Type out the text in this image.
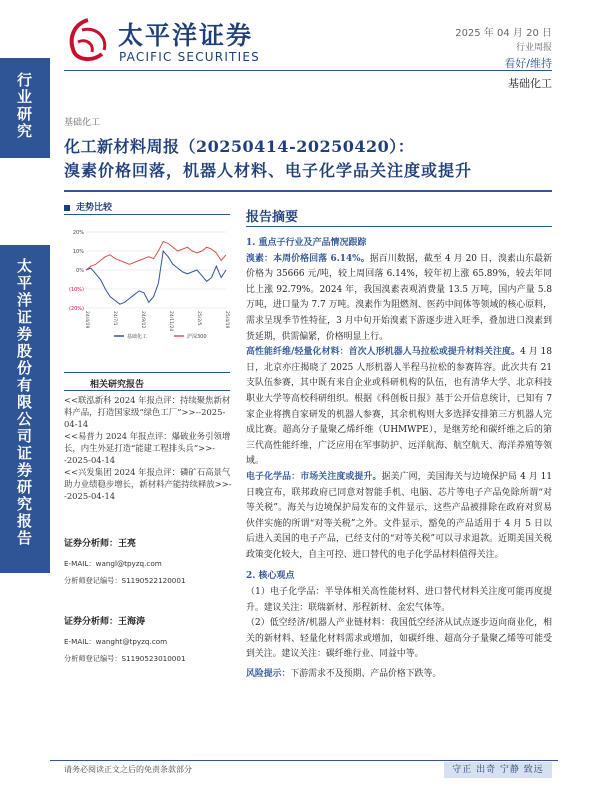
行业研究
太平洋证券股份有限公司证券研究报告
太平洋证券
PACIFIC SECURITIES
2025 年 04 月 20 日
行业周报
看好/维持
基础化工
基础化工
化工新材料周报（20250414-20250420）：
溴素价格回落，机器人材料、电子化学品关注度或提升
走势比较
20%
10%
0%
(10%)
(20%)
24/4/19	24/7/1	24/9/12	24/11/24	25/2/5	25/4/19
基础化工	沪深300
相关研究报告

<<联泓新科 2024 年报点评：持续聚焦新材料产品，打造国家级“绿色工厂”>>--2025-04-14

<<易普力 2024 年报点评：爆破业务引领增长，内生外延打造“能建工程排头兵”>>--2025-04-14

<<兴发集团 2024 年报点评：磷矿石高景气助力业绩稳步增长，新材料产能持续释放>>--2025-04-14

证券分析师：王亮
E-MAIL：wangl@tpyzq.com
分析师登记编号：S1190522120001
证券分析师：王海涛
E-MAIL：wanght@tpyzq.com
分析师登记编号：S1190523010001
报告摘要

1. 重点子行业及产品情况跟踪

溴素：本周价格回落 6.14%。据百川数据，截至 4 月 20 日，溴素山东最新价格为 35666 元/吨，较上周回落 6.14%，较年初上涨 65.89%，较去年同比上涨 92.79%。2024 年，我国溴素表观消费量 13.5 万吨，国内产量 5.8 万吨，进口量为 7.7 万吨。溴素作为阻燃剂、医药中间体等领域的核心原料，需求呈现季节性特征，3 月中旬开始溴素下游逐步进入旺季，叠加进口溴素到货延期，供需偏紧，价格明显上行。

高性能纤维/轻量化材料：首次人形机器人马拉松或提升材料关注度。4 月 18 日，北京亦庄揭晓了 2025 人形机器人半程马拉松的参赛阵容。此次共有 21 支队伍参赛，其中既有来自企业或科研机构的队伍，也有清华大学、北京科技职业大学等高校科研组织。根据《科创板日报》基于公开信息统计，已知有 7 家企业将携自家研发的机器人参赛，其余机构则大多选择安排第三方机器人完成比赛。超高分子量聚乙烯纤维（UHMWPE），是继芳纶和碳纤维之后的第三代高性能纤维，广泛应用在军事防护、远洋航海、航空航天、海洋养殖等领域。

电子化学品：市场关注度或提升。据美广网，美国海关与边境保护局 4 月 11 日晚宣布，联邦政府已同意对智能手机、电脑、芯片等电子产品免除所谓“对等关税”。海关与边境保护局发布的文件显示，这些产品被排除在政府对贸易伙伴实施的所谓“对等关税”之外。文件显示，豁免的产品适用于 4 月 5 日以后进入美国的电子产品，已经支付的“对等关税”可以寻求退款。近期美国关税政策变化较大，自主可控、进口替代的电子化学品材料值得关注。

2. 核心观点

（1）电子化学品：半导体相关高性能材料、进口替代材料关注度可能再度提升。建议关注：联瑞新材、彤程新材、金宏气体等。

（2）低空经济/机器人产业链材料：我国低空经济从试点逐步迈向商业化，相关的新材料、轻量化材料需求或增加，如碳纤维、超高分子量聚乙烯等可能受到关注。建议关注：碳纤维行业、同益中等。

风险提示：下游需求不及预期、产品价格下跌等。

请务必阅读正文之后的免责条款部分	守正 出奇 宁静 致远
